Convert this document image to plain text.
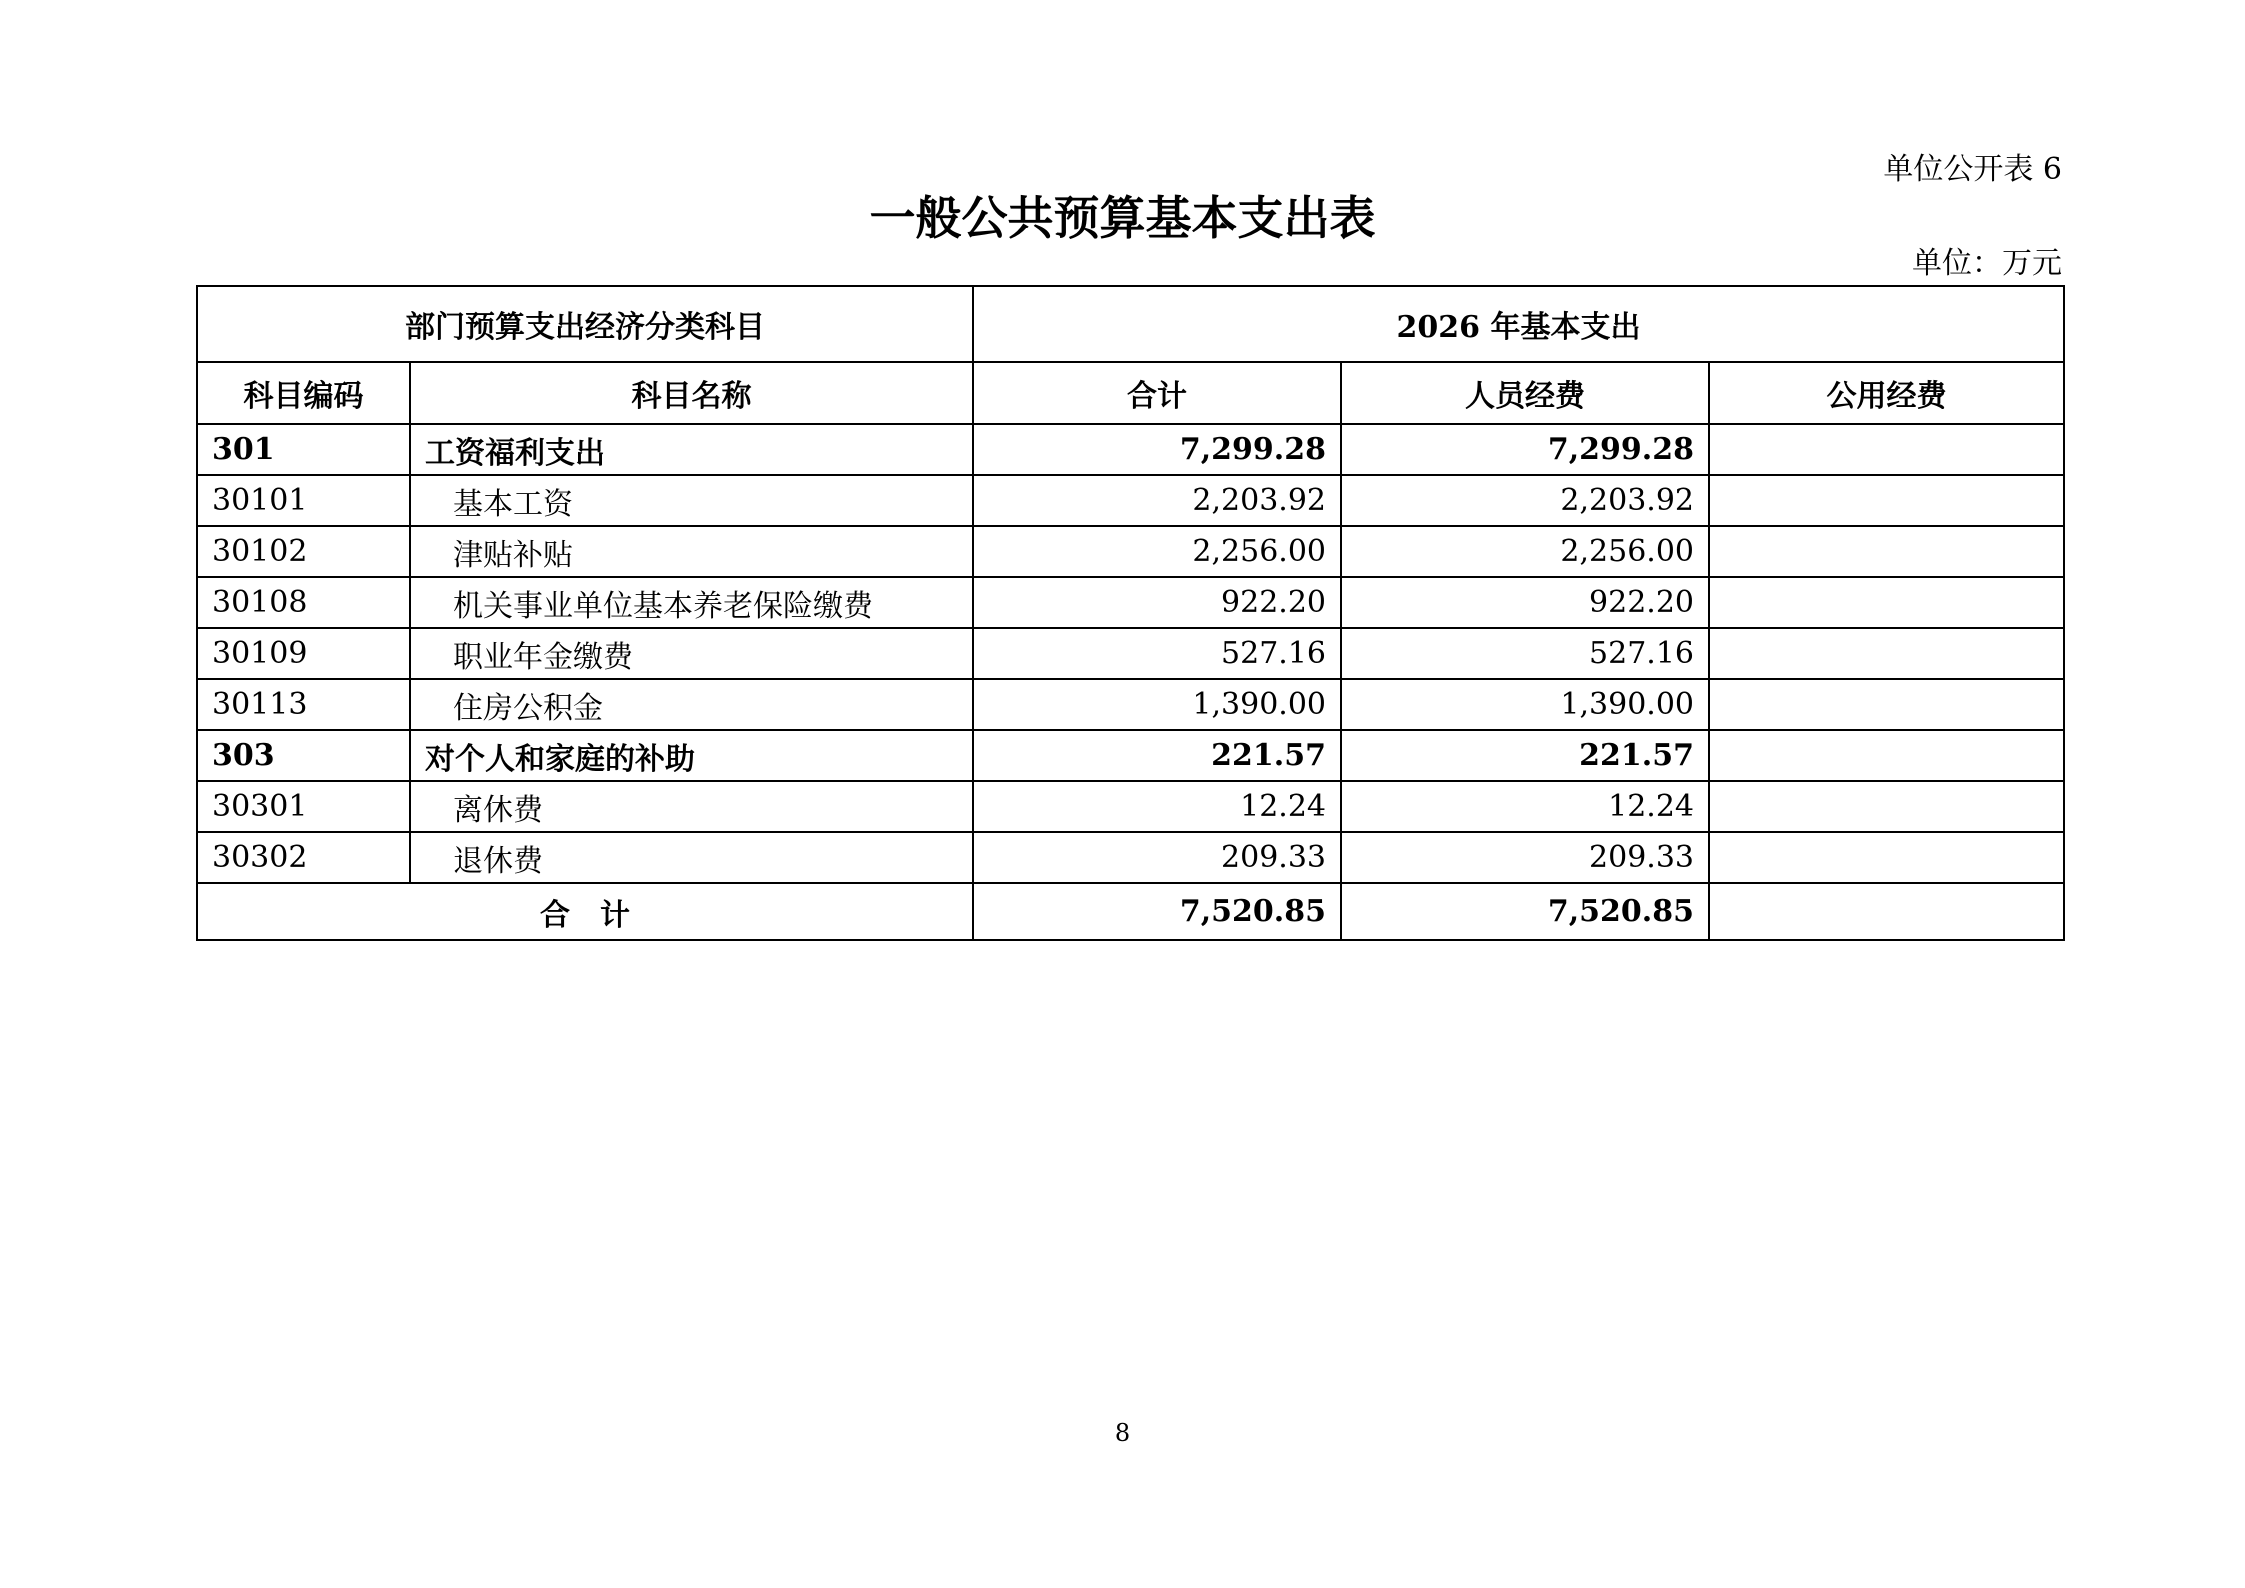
单位公开表 6
一般公共预算基本支出表
单位：万元
部门预算支出经济分类科目		2026 年基本支出		
科目编码	科目名称	合计	人员经费	公用经费
301	工资福利支出	7,299.28	7,299.28	
30101	基本工资	2,203.92	2,203.92	
30102	津贴补贴	2,256.00	2,256.00	
30108	机关事业单位基本养老保险缴费	922.20	922.20	
30109	职业年金缴费	527.16	527.16	
30113	住房公积金	1,390.00	1,390.00	
303	对个人和家庭的补助	221.57	221.57	
30301	离休费	12.24	12.24	
30302	退休费	209.33	209.33	
合　计		7,520.85	7,520.85	
8
